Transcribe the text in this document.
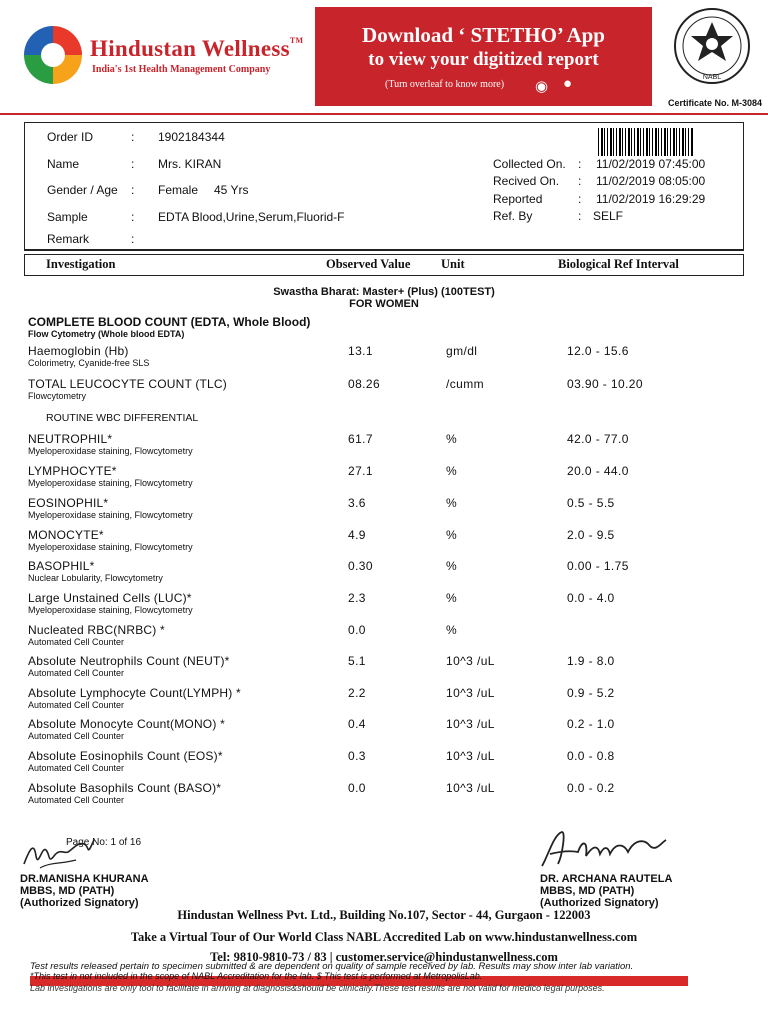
Hindustan Wellness™
India's 1st Health Management Company
Download ‘ STETHO’ App
to view your digitized report
(Turn overleaf to know more) ◉ ●	NABL
Certificate No. M-3084
Order ID	: 1902184344
Name	: Mrs. KIRAN
Gender / Age : Female 45 Yrs
Sample	: EDTA Blood,Urine,Serum,Fluorid-F
Remark	:
Collected On. : 11/02/2019 07:45:00
Recived On. : 11/02/2019 08:05:00
Reported	: 11/02/2019 16:29:29
Ref. By	: SELF
Investigation	Observed Value Unit	Biological Ref Interval
Swastha Bharat: Master+ (Plus) (100TEST)
FOR WOMEN
COMPLETE BLOOD COUNT (EDTA, Whole Blood)
Flow Cytometry (Whole blood EDTA)
ROUTINE WBC DIFFERENTIAL
Haemoglobin (Hb)
Colorimetry, Cyanide-free SLS
13.1	gm/dl	12.0 - 15.6
TOTAL LEUCOCYTE COUNT (TLC)
Flowcytometry
08.26	/cumm	03.90 - 10.20
NEUTROPHIL*
Myeloperoxidase staining, Flowcytometry
61.7	%	42.0 - 77.0
LYMPHOCYTE*
Myeloperoxidase staining, Flowcytometry
27.1	%	20.0 - 44.0
EOSINOPHIL*
Myeloperoxidase staining, Flowcytometry
3.6	%	0.5 - 5.5
MONOCYTE*
Myeloperoxidase staining, Flowcytometry
4.9	%	2.0 - 9.5
BASOPHIL*
Nuclear Lobularity, Flowcytometry
0.30	%	0.00 - 1.75
Large Unstained Cells (LUC)*
Myeloperoxidase staining, Flowcytometry
2.3	%	0.0 - 4.0
Nucleated RBC(NRBC) *
Automated Cell Counter
0.0	%
Absolute Neutrophils Count (NEUT)*
Automated Cell Counter
5.1	10^3 /uL	1.9 - 8.0
Absolute Lymphocyte Count(LYMPH) *
Automated Cell Counter
2.2	10^3 /uL	0.9 - 5.2
Absolute Monocyte Count(MONO) *
Automated Cell Counter
0.4	10^3 /uL	0.2 - 1.0
Absolute Eosinophils Count (EOS)*
Automated Cell Counter
0.3	10^3 /uL	0.0 - 0.8
Absolute Basophils Count (BASO)*
Automated Cell Counter
0.0	10^3 /uL	0.0 - 0.2
Page No: 1 of 16
DR.MANISHA KHURANA
MBBS, MD (PATH)
(Authorized Signatory)
DR. ARCHANA RAUTELA
MBBS, MD (PATH)
(Authorized Signatory)
Hindustan Wellness Pvt. Ltd., Building No.107, Sector - 44, Gurgaon - 122003
Take a Virtual Tour of Our World Class NABL Accredited Lab on www.hindustanwellness.com
Tel: 9810-9810-73 / 83 | customer.service@hindustanwellness.com
Test results released pertain to specimen submitted & are dependent on quality of sample received by lab. Results may show inter lab variation.
*This test in not included in the scope of NABL Accreditation for the lab. $ This test is performed at MetropolisLab.
Lab investigations are only tool to facilitate in arriving at diagnosis&should be clinically.These test results are not valid for medico legal purposes.
